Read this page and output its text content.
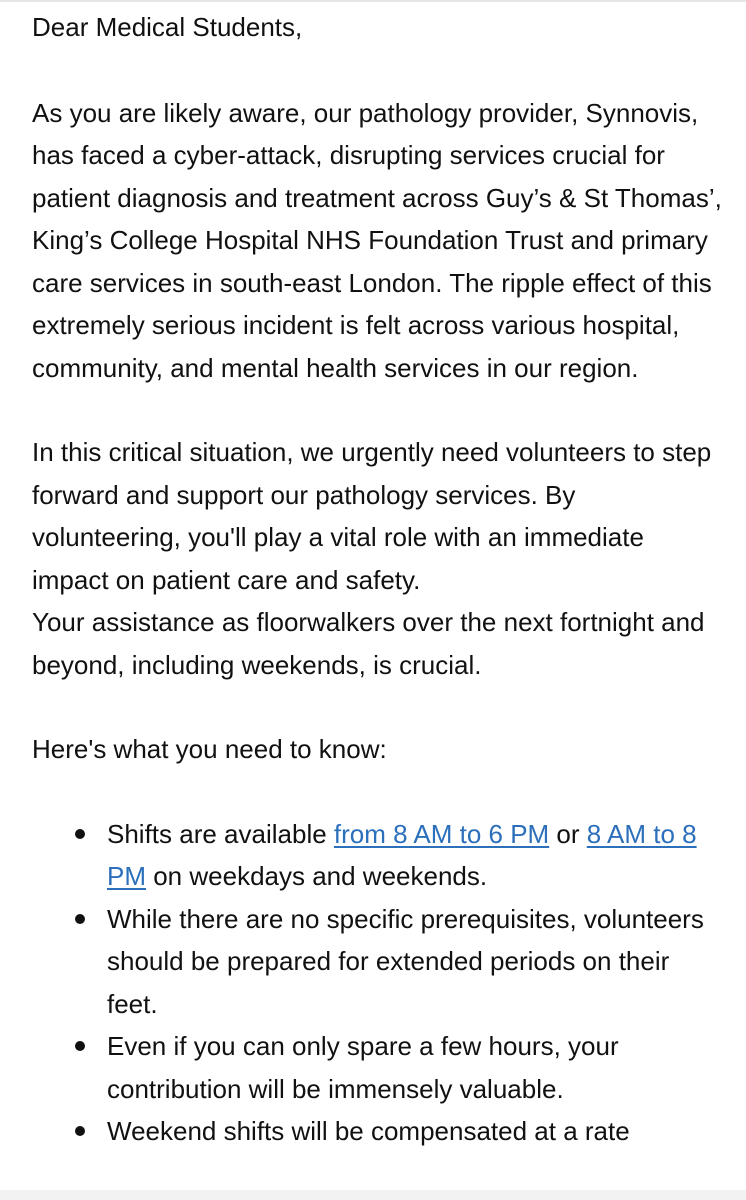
Dear Medical Students,

As you are likely aware, our pathology provider, Synnovis, has faced a cyber-attack, disrupting services crucial for patient diagnosis and treatment across Guy’s & St Thomas’, King’s College Hospital NHS Foundation Trust and primary care services in south-east London. The ripple effect of this extremely serious incident is felt across various hospital, community, and mental health services in our region.

In this critical situation, we urgently need volunteers to step forward and support our pathology services. By volunteering, you'll play a vital role with an immediate impact on patient care and safety.

Your assistance as floorwalkers over the next fortnight and beyond, including weekends, is crucial.

Here's what you need to know:

Shifts are available from 8 AM to 6 PM or 8 AM to 8 PM on weekdays and weekends.
While there are no specific prerequisites, volunteers should be prepared for extended periods on their feet.
Even if you can only spare a few hours, your contribution will be immensely valuable.
Weekend shifts will be compensated at a rate
